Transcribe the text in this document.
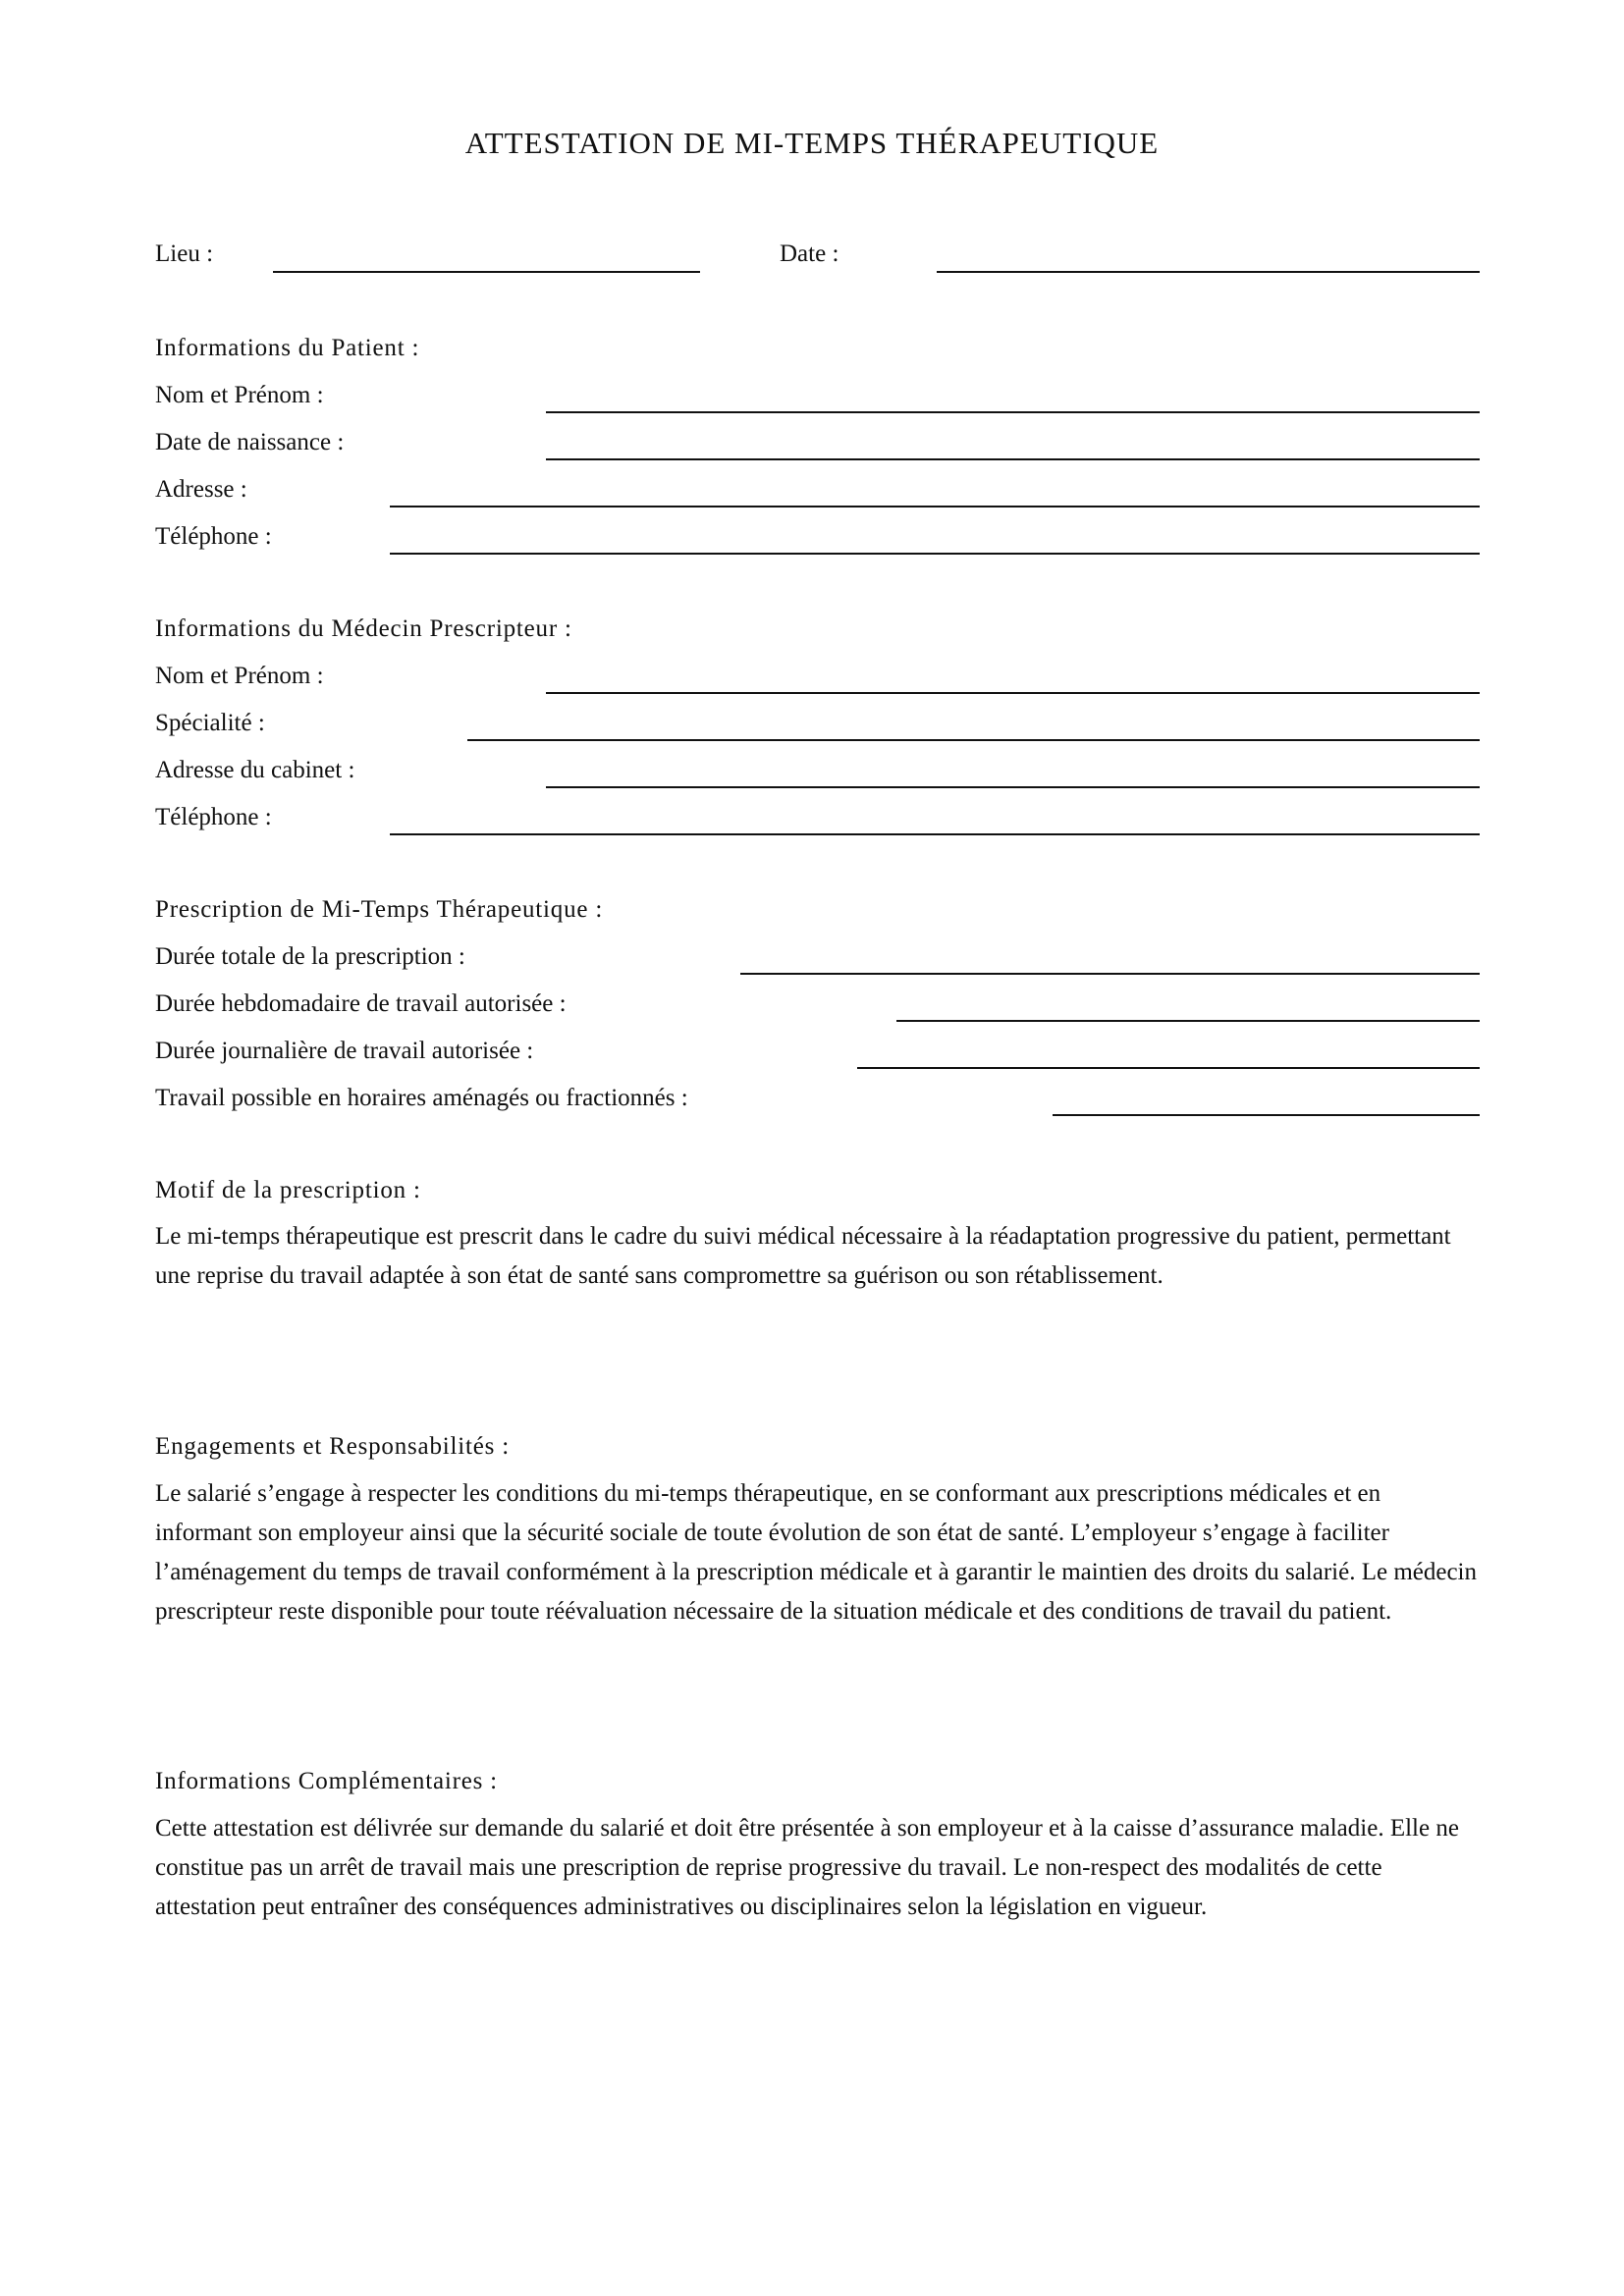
ATTESTATION DE MI-TEMPS THÉRAPEUTIQUE
Lieu :	Date :
Informations du Patient :
Nom et Prénom :
Date de naissance :
Adresse :
Téléphone :
Informations du Médecin Prescripteur :
Nom et Prénom :
Spécialité :
Adresse du cabinet :
Téléphone :
Prescription de Mi-Temps Thérapeutique :
Durée totale de la prescription :
Durée hebdomadaire de travail autorisée :
Durée journalière de travail autorisée :
Travail possible en horaires aménagés ou fractionnés :
Motif de la prescription :
Le mi-temps thérapeutique est prescrit dans le cadre du suivi médical nécessaire à la réadaptation progressive du patient, permettant une reprise du travail adaptée à son état de santé sans compromettre sa guérison ou son rétablissement.
Engagements et Responsabilités :
Le salarié s’engage à respecter les conditions du mi-temps thérapeutique, en se conformant aux prescriptions médicales et en informant son employeur ainsi que la sécurité sociale de toute évolution de son état de santé. L’employeur s’engage à faciliter l’aménagement du temps de travail conformément à la prescription médicale et à garantir le maintien des droits du salarié. Le médecin prescripteur reste disponible pour toute réévaluation nécessaire de la situation médicale et des conditions de travail du patient.
Informations Complémentaires :
Cette attestation est délivrée sur demande du salarié et doit être présentée à son employeur et à la caisse d’assurance maladie. Elle ne constitue pas un arrêt de travail mais une prescription de reprise progressive du travail. Le non-respect des modalités de cette attestation peut entraîner des conséquences administratives ou disciplinaires selon la législation en vigueur.
